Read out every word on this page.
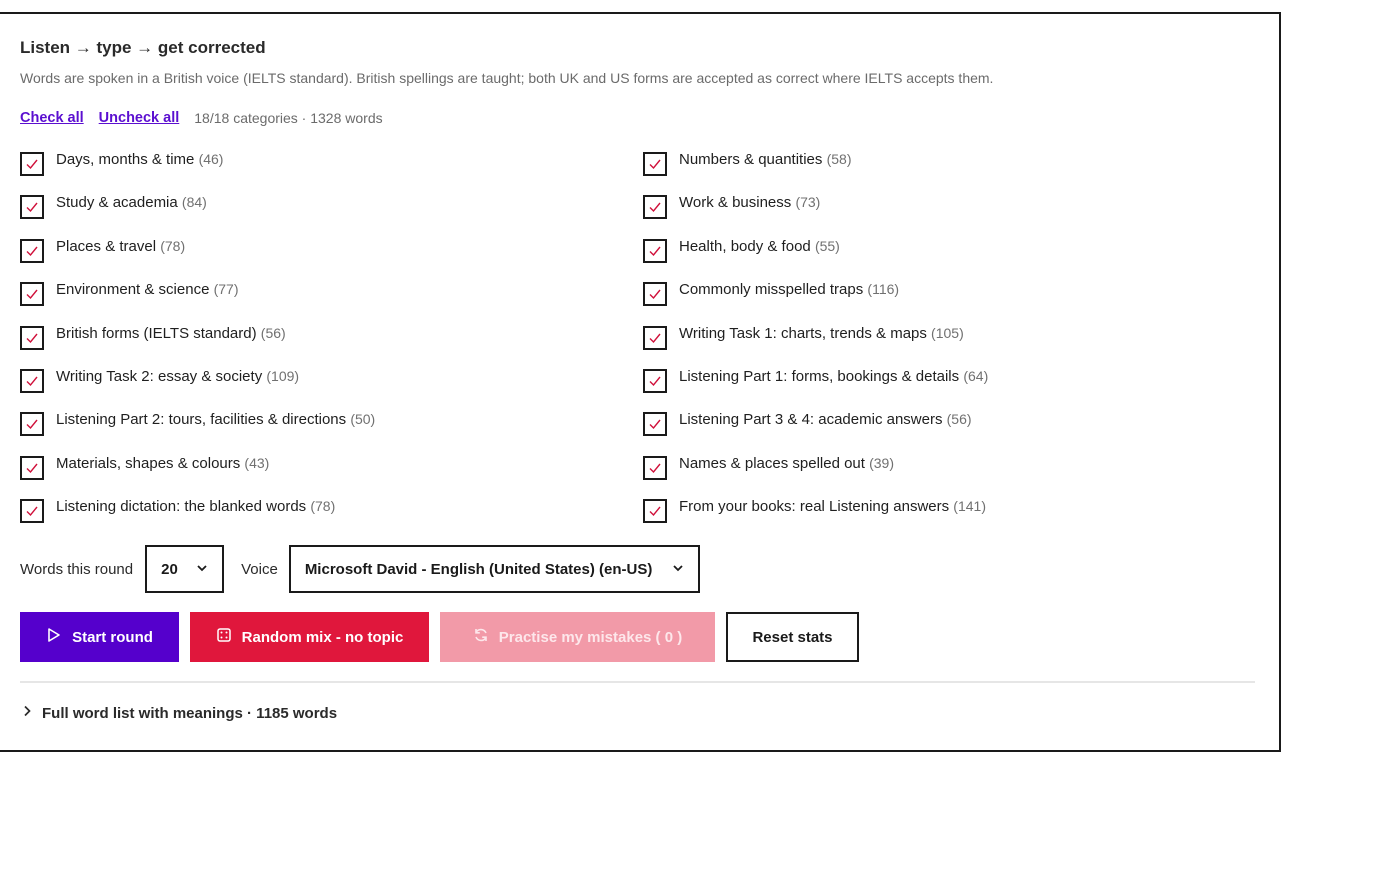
Listen → type → get corrected
Words are spoken in a British voice (IELTS standard). British spellings are taught; both UK and US forms are accepted as correct where IELTS accepts them.
Check all Uncheck all 18/18 categories · 1328 words
Days, months & time (46)	Numbers & quantities (58)
Study & academia (84)	Work & business (73)
Places & travel (78)	Health, body & food (55)
Environment & science (77)	Commonly misspelled traps (116)
British forms (IELTS standard) (56)	Writing Task 1: charts, trends & maps (105)
Writing Task 2: essay & society (109)	Listening Part 1: forms, bookings & details (64)
Listening Part 2: tours, facilities & directions (50)	Listening Part 3 & 4: academic answers (56)
Materials, shapes & colours (43)	Names & places spelled out (39)
Listening dictation: the blanked words (78)	From your books: real Listening answers (141)
Words this round 20	Voice Microsoft David - English (United States) (en-US)
Start round	Random mix - no topic	Practise my mistakes ( 0 )	Reset stats
Full word list with meanings · 1185 words
